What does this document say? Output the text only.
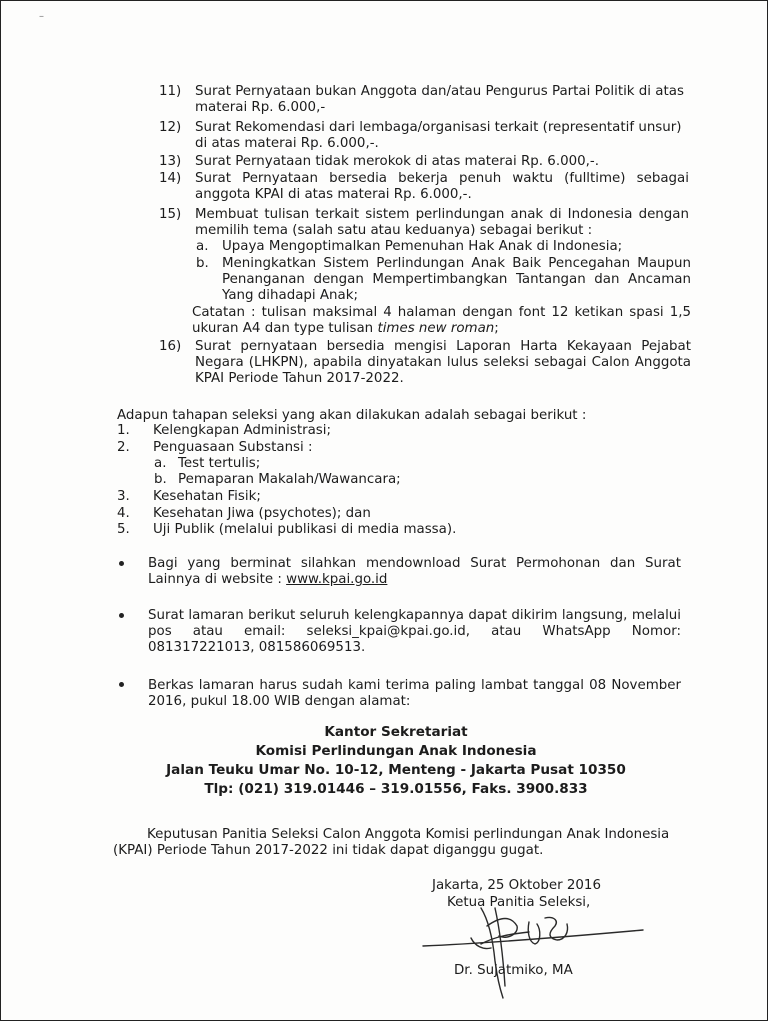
–
11) Surat Pernyataan bukan Anggota dan/atau Pengurus Partai Politik di atas
materai Rp. 6.000,-
12) Surat Rekomendasi dari lembaga/organisasi terkait (representatif unsur)
di atas materai Rp. 6.000,-.
13) Surat Pernyataan tidak merokok di atas materai Rp. 6.000,-.
14) Surat Pernyataan bersedia bekerja penuh waktu (fulltime) sebagai
anggota KPAI di atas materai Rp. 6.000,-.
15) Membuat tulisan terkait sistem perlindungan anak di Indonesia dengan
memilih tema (salah satu atau keduanya) sebagai berikut :
a. Upaya Mengoptimalkan Pemenuhan Hak Anak di Indonesia;
b. Meningkatkan Sistem Perlindungan Anak Baik Pencegahan Maupun
Penanganan dengan Mempertimbangkan Tantangan dan Ancaman
Yang dihadapi Anak;
Catatan : tulisan maksimal 4 halaman dengan font 12 ketikan spasi 1,5
ukuran A4 dan type tulisan times new roman;
16) Surat pernyataan bersedia mengisi Laporan Harta Kekayaan Pejabat
Negara (LHKPN), apabila dinyatakan lulus seleksi sebagai Calon Anggota
KPAI Periode Tahun 2017-2022.
Adapun tahapan seleksi yang akan dilakukan adalah sebagai berikut :
1. Kelengkapan Administrasi;
2. Penguasaan Substansi :
a. Test tertulis;
b. Pemaparan Makalah/Wawancara;
3. Kesehatan Fisik;
4. Kesehatan Jiwa (psychotes); dan
5. Uji Publik (melalui publikasi di media massa).
Bagi yang berminat silahkan mendownload Surat Permohonan dan Surat
Lainnya di website : www.kpai.go.id
Surat lamaran berikut seluruh kelengkapannya dapat dikirim langsung, melalui
pos atau email: seleksi_kpai@kpai.go.id, atau WhatsApp Nomor:
081317221013, 081586069513.
Berkas lamaran harus sudah kami terima paling lambat tanggal 08 November
2016, pukul 18.00 WIB dengan alamat:
Kantor Sekretariat
Komisi Perlindungan Anak Indonesia
Jalan Teuku Umar No. 10-12, Menteng - Jakarta Pusat 10350
Tlp: (021) 319.01446 – 319.01556, Faks. 3900.833
Keputusan Panitia Seleksi Calon Anggota Komisi perlindungan Anak Indonesia
(KPAI) Periode Tahun 2017-2022 ini tidak dapat diganggu gugat.
Jakarta, 25 Oktober 2016
Ketua Panitia Seleksi,
Dr. Sujatmiko, MA
